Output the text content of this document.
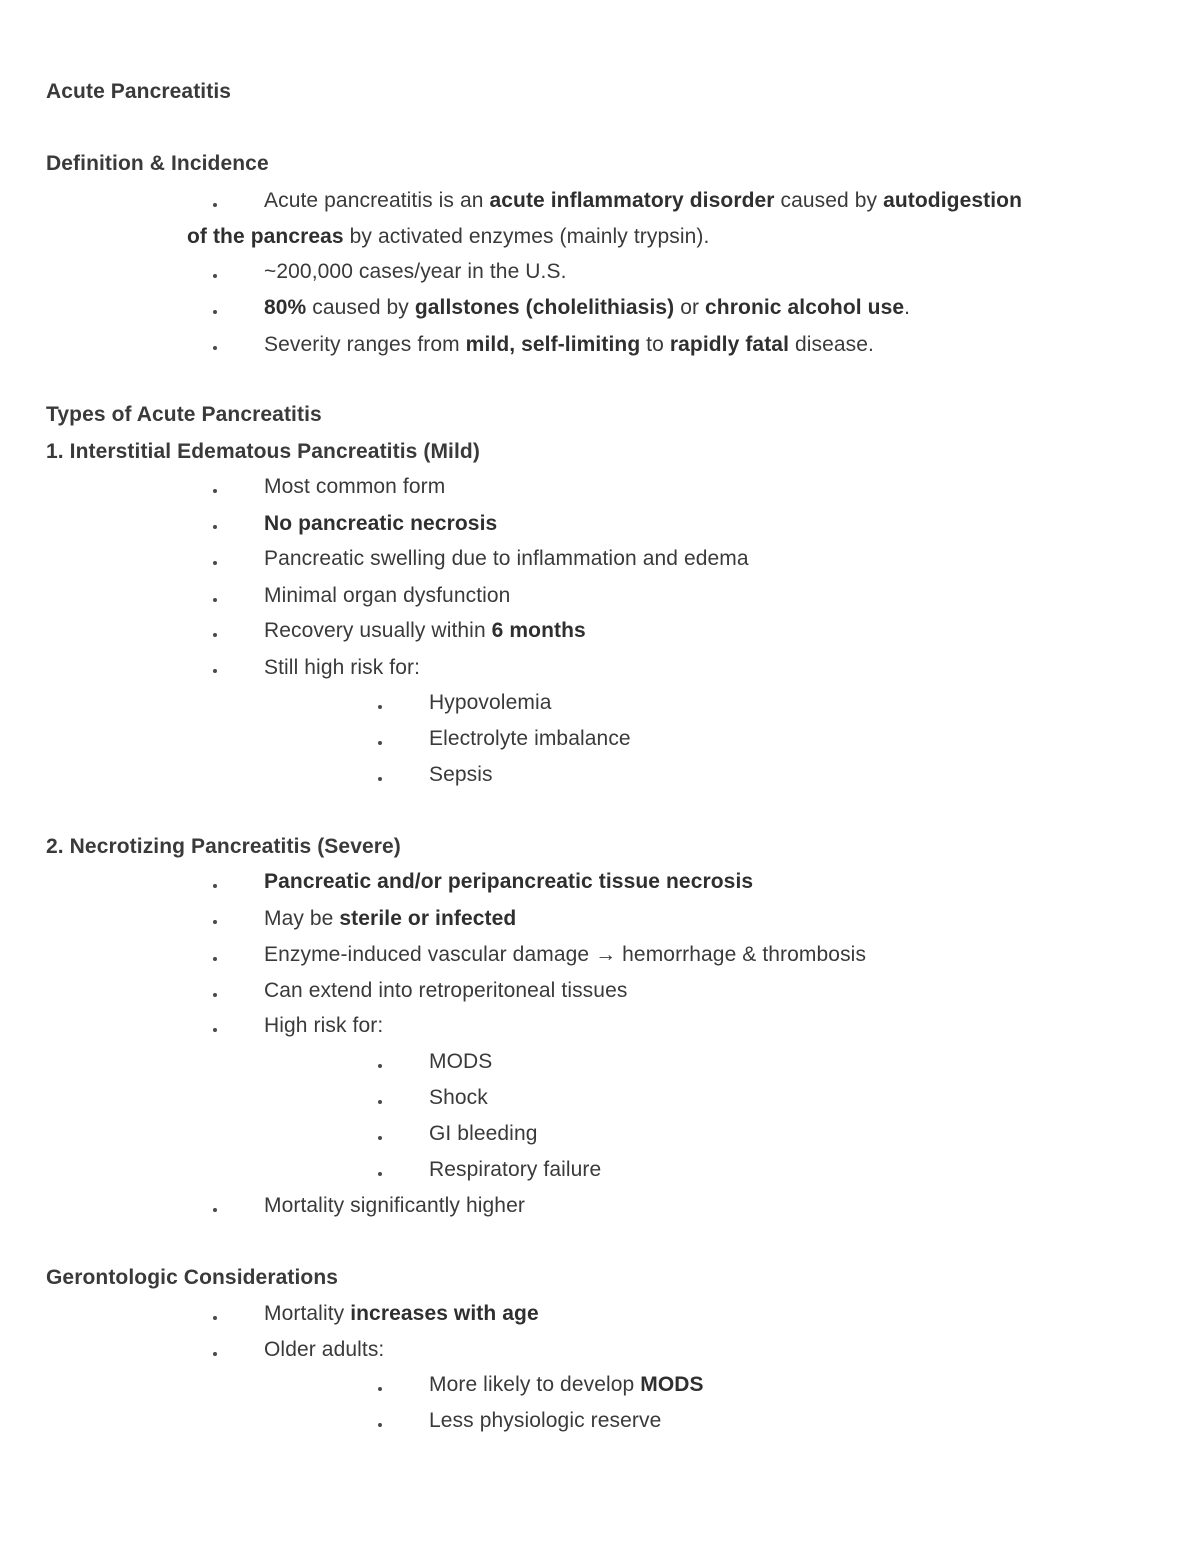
Acute Pancreatitis
Definition & Incidence
Acute pancreatitis is an acute inflammatory disorder caused by autodigestion
of the pancreas by activated enzymes (mainly trypsin).
~200,000 cases/year in the U.S.
80% caused by gallstones (cholelithiasis) or chronic alcohol use.
Severity ranges from mild, self-limiting to rapidly fatal disease.
Types of Acute Pancreatitis
1. Interstitial Edematous Pancreatitis (Mild)
Most common form
No pancreatic necrosis
Pancreatic swelling due to inflammation and edema
Minimal organ dysfunction
Recovery usually within 6 months
Still high risk for:
Hypovolemia
Electrolyte imbalance
Sepsis
2. Necrotizing Pancreatitis (Severe)
Pancreatic and/or peripancreatic tissue necrosis
May be sterile or infected
Enzyme-induced vascular damage → hemorrhage & thrombosis
Can extend into retroperitoneal tissues
High risk for:
MODS
Shock
GI bleeding
Respiratory failure
Mortality significantly higher
Gerontologic Considerations
Mortality increases with age
Older adults:
More likely to develop MODS
Less physiologic reserve
